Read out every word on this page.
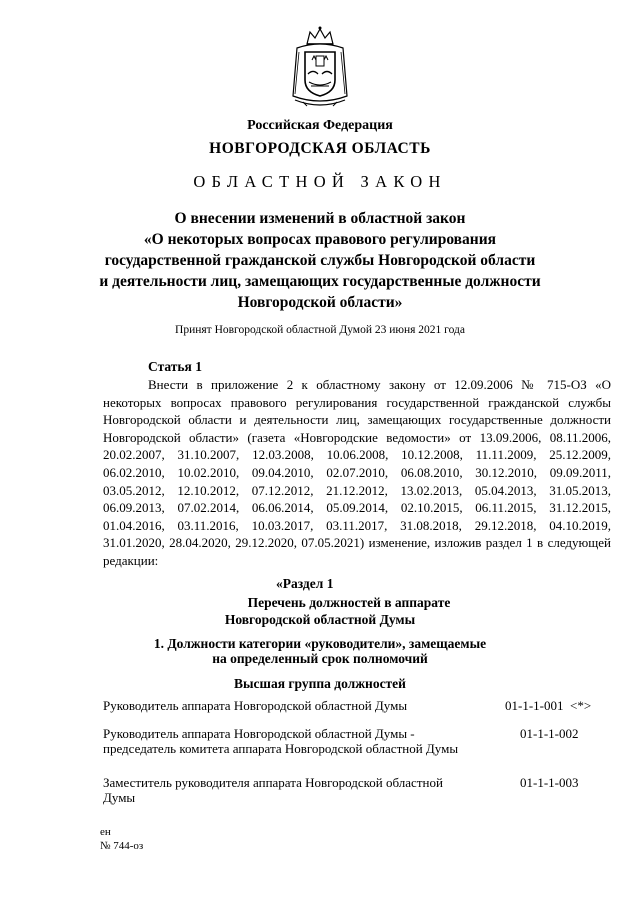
Российская Федерация
НОВГОРОДСКАЯ ОБЛАСТЬ
ОБЛАСТНОЙ ЗАКОН
О внесении изменений в областной закон
«О некоторых вопросах правового регулирования
государственной гражданской службы Новгородской области
и деятельности лиц, замещающих государственные должности
Новгородской области»
Принят Новгородской областной Думой 23 июня 2021 года
Статья 1

Внести в приложение 2 к областному закону от 12.09.2006 № 715-ОЗ «О некоторых вопросах правового регулирования государственной гражданской службы Новгородской области и деятельности лиц, замещающих государственные должности Новгородской области» (газета «Новгородские ведомости» от 13.09.2006, 08.11.2006, 20.02.2007, 31.10.2007, 12.03.2008, 10.06.2008, 10.12.2008, 11.11.2009, 25.12.2009, 06.02.2010, 10.02.2010, 09.04.2010, 02.07.2010, 06.08.2010, 30.12.2010, 09.09.2011, 03.05.2012, 12.10.2012, 07.12.2012, 21.12.2012, 13.02.2013, 05.04.2013, 31.05.2013, 06.09.2013, 07.02.2014, 06.06.2014, 05.09.2014, 02.10.2015, 06.11.2015, 31.12.2015, 01.04.2016, 03.11.2016, 10.03.2017, 03.11.2017, 31.08.2018, 29.12.2018, 04.10.2019, 31.01.2020, 28.04.2020, 29.12.2020, 07.05.2021) изменение, изложив раздел 1 в следующей редакции:

«Раздел 1
Перечень должностей в аппарате
Новгородской областной Думы
1. Должности категории «руководители», замещаемые
на определенный срок полномочий
Высшая группа должностей
Руководитель аппарата Новгородской областной Думы	01-1-1-001  <*>
Руководитель аппарата Новгородской областной Думы - председатель комитета аппарата Новгородской областной Думы
01-1-1-002
Заместитель руководителя аппарата Новгородской областной Думы
01-1-1-003
ен
№ 744-оз
